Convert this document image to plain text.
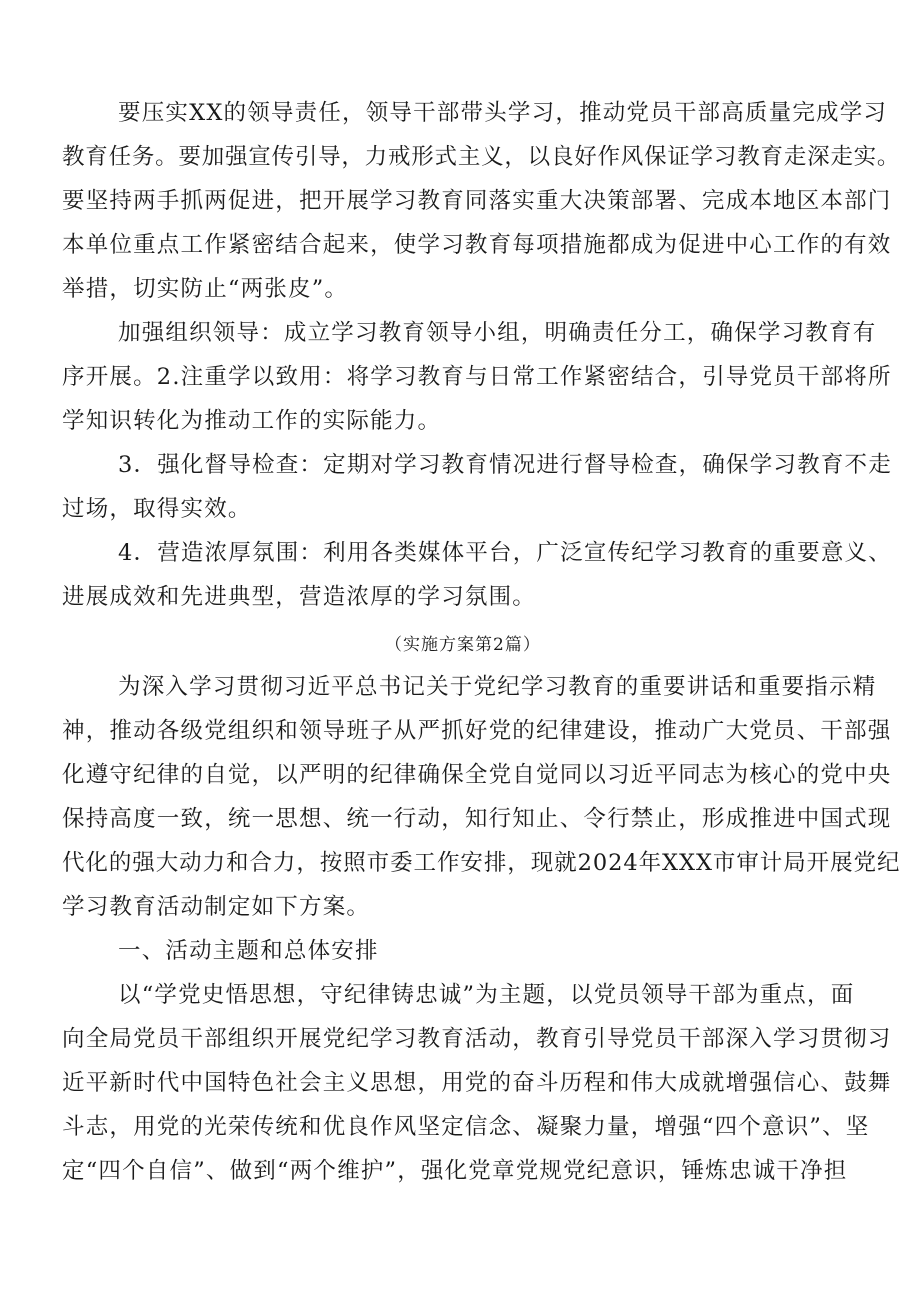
要压实XX的领导责任，领导干部带头学习，推动党员干部高质量完成学习
教育任务。要加强宣传引导，力戒形式主义，以良好作风保证学习教育走深走实。
要坚持两手抓两促进，把开展学习教育同落实重大决策部署、完成本地区本部门
本单位重点工作紧密结合起来，使学习教育每项措施都成为促进中心工作的有效
举措，切实防止“两张皮”。
加强组织领导：成立学习教育领导小组，明确责任分工，确保学习教育有
序开展。2.注重学以致用：将学习教育与日常工作紧密结合，引导党员干部将所
学知识转化为推动工作的实际能力。
3．强化督导检查：定期对学习教育情况进行督导检查，确保学习教育不走
过场，取得实效。
4．营造浓厚氛围：利用各类媒体平台，广泛宣传纪学习教育的重要意义、
进展成效和先进典型，营造浓厚的学习氛围。
（实施方案第2篇）
为深入学习贯彻习近平总书记关于党纪学习教育的重要讲话和重要指示精
神，推动各级党组织和领导班子从严抓好党的纪律建设，推动广大党员、干部强
化遵守纪律的自觉，以严明的纪律确保全党自觉同以习近平同志为核心的党中央
保持高度一致，统一思想、统一行动，知行知止、令行禁止，形成推进中国式现
代化的强大动力和合力，按照市委工作安排，现就2024年XXX市审计局开展党纪
学习教育活动制定如下方案。
一、活动主题和总体安排
以“学党史悟思想，守纪律铸忠诚”为主题，以党员领导干部为重点，面
向全局党员干部组织开展党纪学习教育活动，教育引导党员干部深入学习贯彻习
近平新时代中国特色社会主义思想，用党的奋斗历程和伟大成就增强信心、鼓舞
斗志，用党的光荣传统和优良作风坚定信念、凝聚力量，增强“四个意识”、坚
定“四个自信”、做到“两个维护”，强化党章党规党纪意识，锤炼忠诚干净担
